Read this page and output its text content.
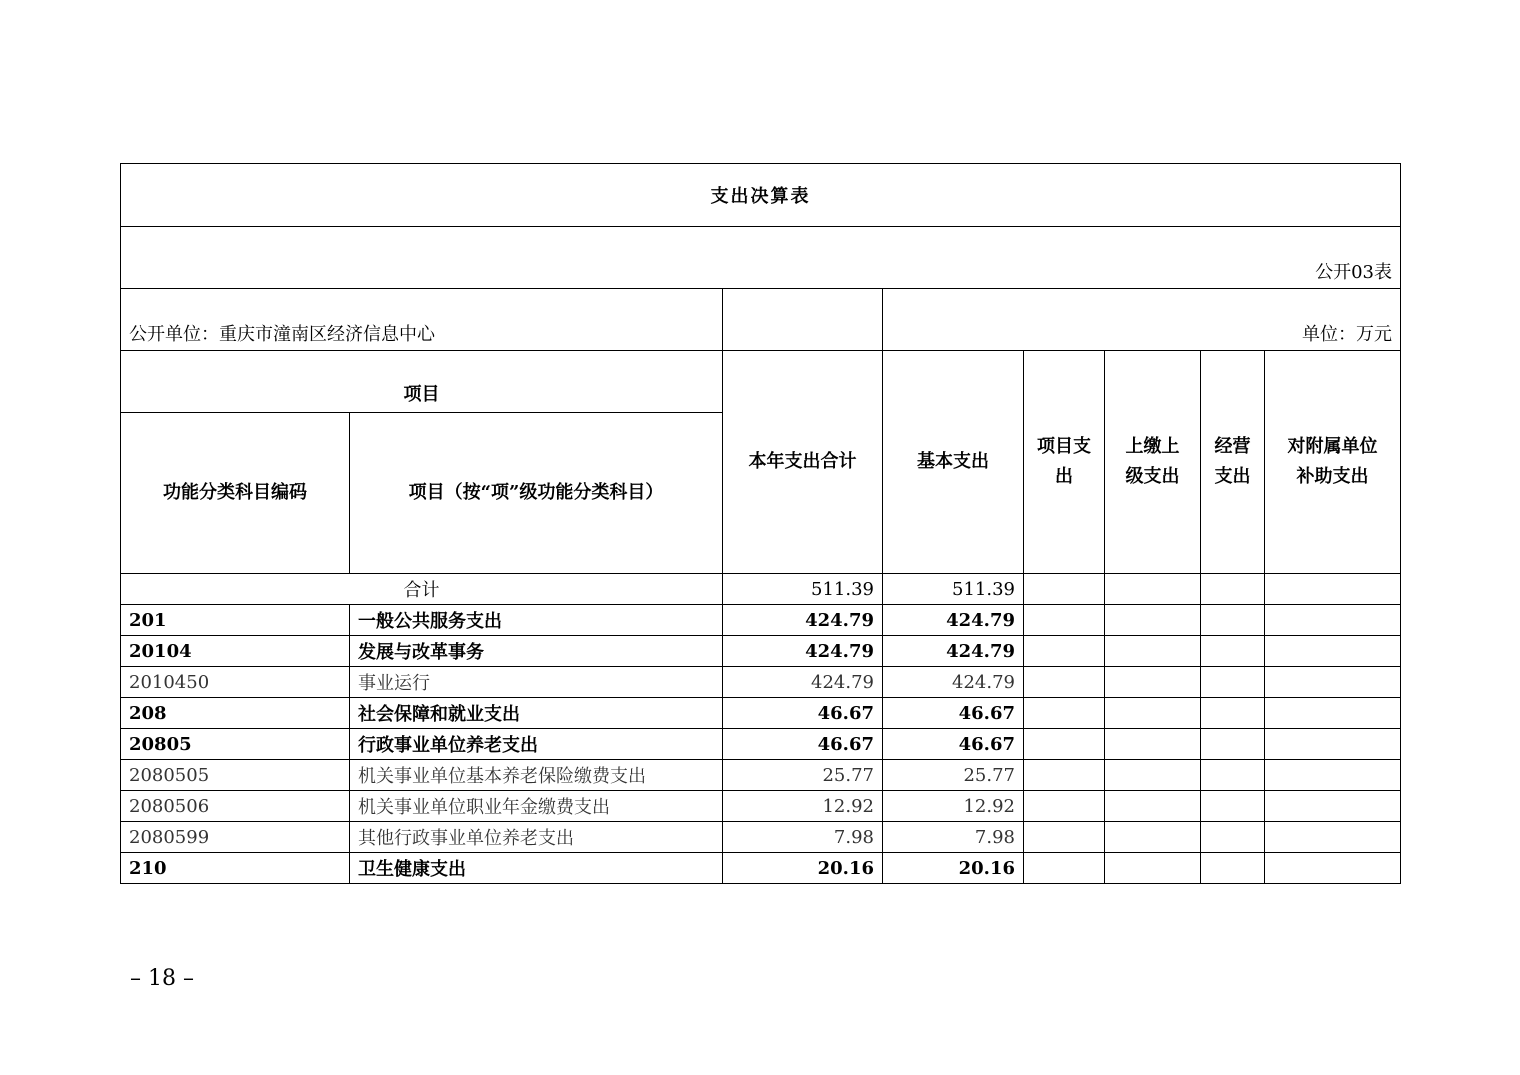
支出决算表							
公开03表							
公开单位：重庆市潼南区经济信息中心			单位：万元				
项目		本年支出合计	基本支出	项目支出	上缴上级支出	经营支出	对附属单位补助支出
功能分类科目编码	项目（按“项”级功能分类科目）						
合计		511.39	511.39				
201	一般公共服务支出	424.79	424.79				
20104	发展与改革事务	424.79	424.79				
2010450	事业运行	424.79	424.79				
208	社会保障和就业支出	46.67	46.67				
20805	行政事业单位养老支出	46.67	46.67				
2080505	机关事业单位基本养老保险缴费支出	25.77	25.77				
2080506	机关事业单位职业年金缴费支出	12.92	12.92				
2080599	其他行政事业单位养老支出	7.98	7.98				
210	卫生健康支出	20.16	20.16				
– 18 –
